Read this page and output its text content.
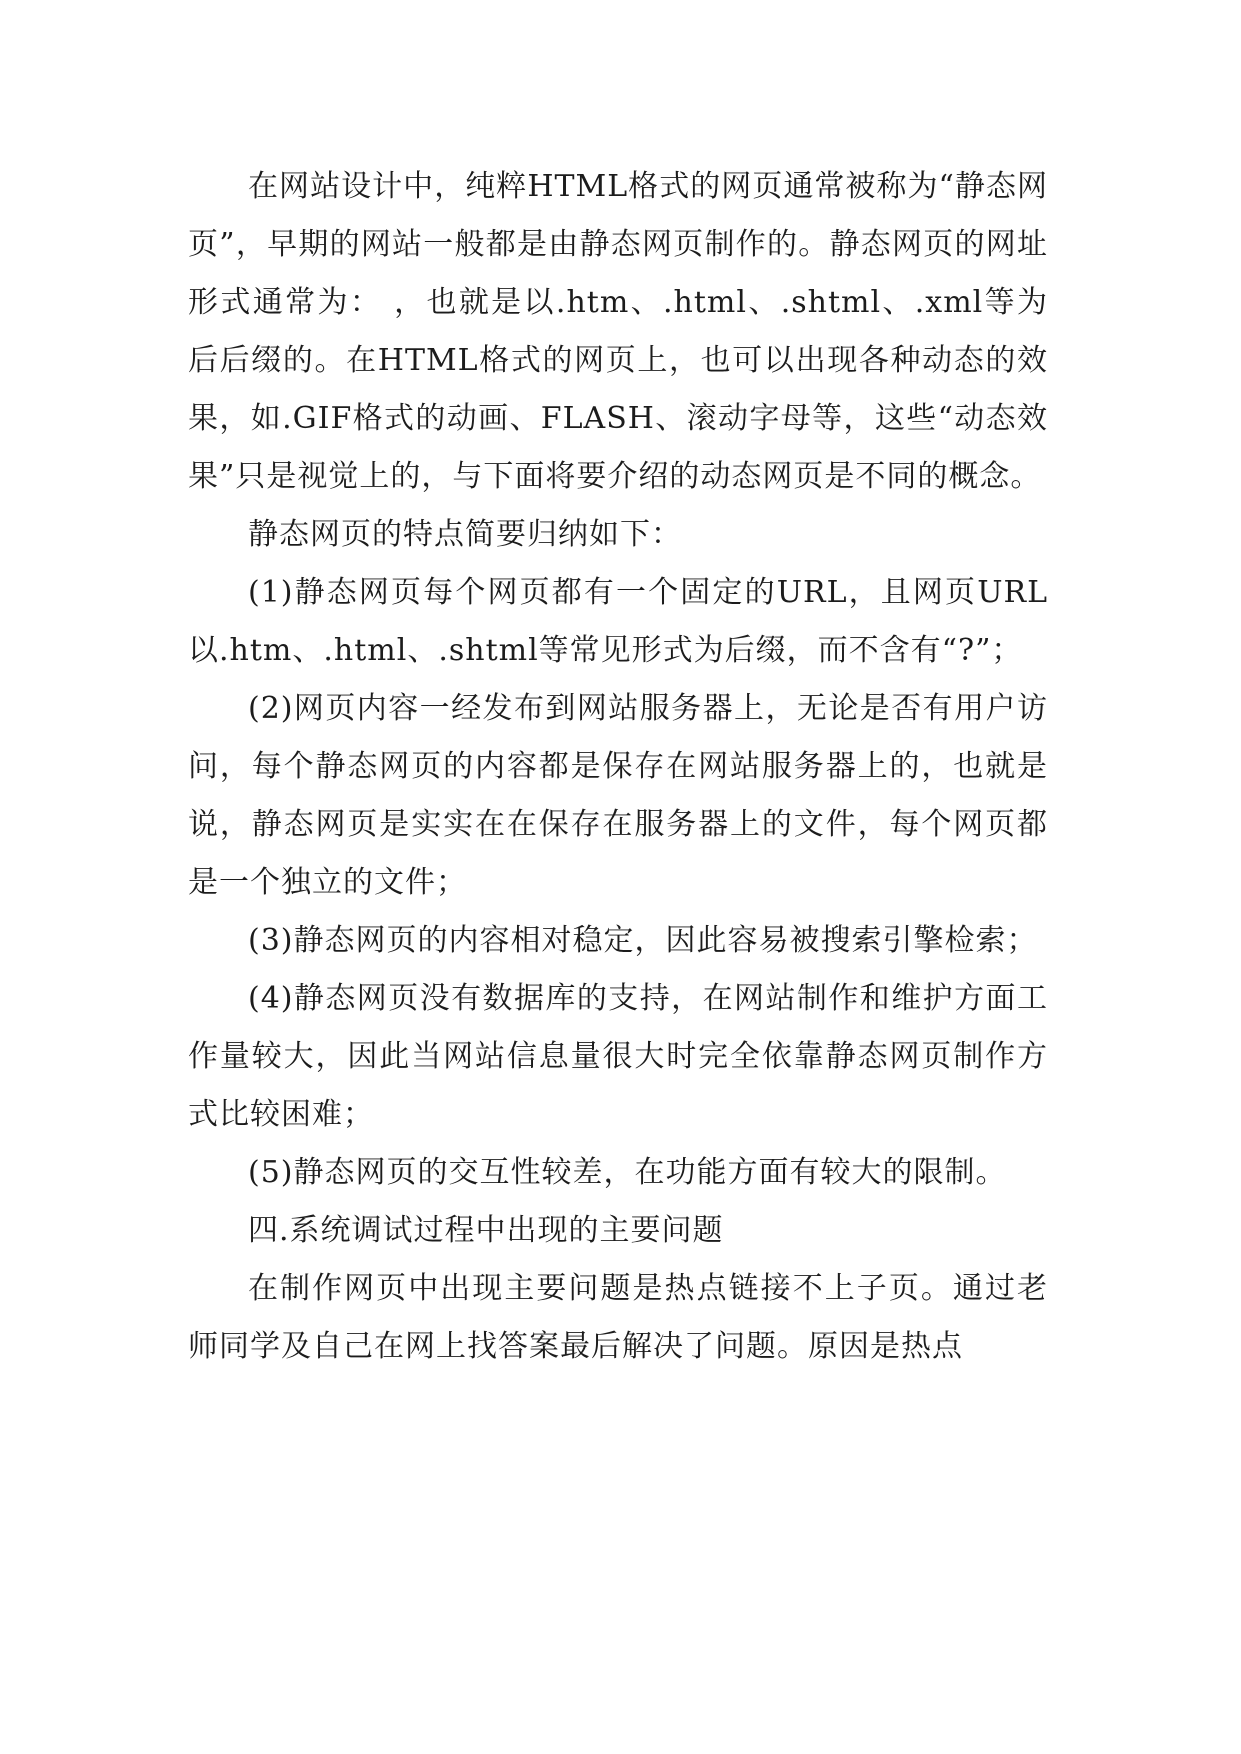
在网站设计中，纯粹HTML格式的网页通常被称为“静态网页”，早期的网站一般都是由静态网页制作的。静态网页的网址形式通常为： ，也就是以.htm、.html、.shtml、.xml等为后后缀的。在HTML格式的网页上，也可以出现各种动态的效果，如.GIF格式的动画、FLASH、滚动字母等，这些“动态效果”只是视觉上的，与下面将要介绍的动态网页是不同的概念。

静态网页的特点简要归纳如下：

(1)静态网页每个网页都有一个固定的URL，且网页URL以.htm、.html、.shtml等常见形式为后缀，而不含有“?”；

(2)网页内容一经发布到网站服务器上，无论是否有用户访问，每个静态网页的内容都是保存在网站服务器上的，也就是说，静态网页是实实在在保存在服务器上的文件，每个网页都是一个独立的文件；

(3)静态网页的内容相对稳定，因此容易被搜索引擎检索；

(4)静态网页没有数据库的支持，在网站制作和维护方面工作量较大，因此当网站信息量很大时完全依靠静态网页制作方式比较困难；

(5)静态网页的交互性较差，在功能方面有较大的限制。

四.系统调试过程中出现的主要问题

在制作网页中出现主要问题是热点链接不上子页。通过老师同学及自己在网上找答案最后解决了问题。原因是热点
